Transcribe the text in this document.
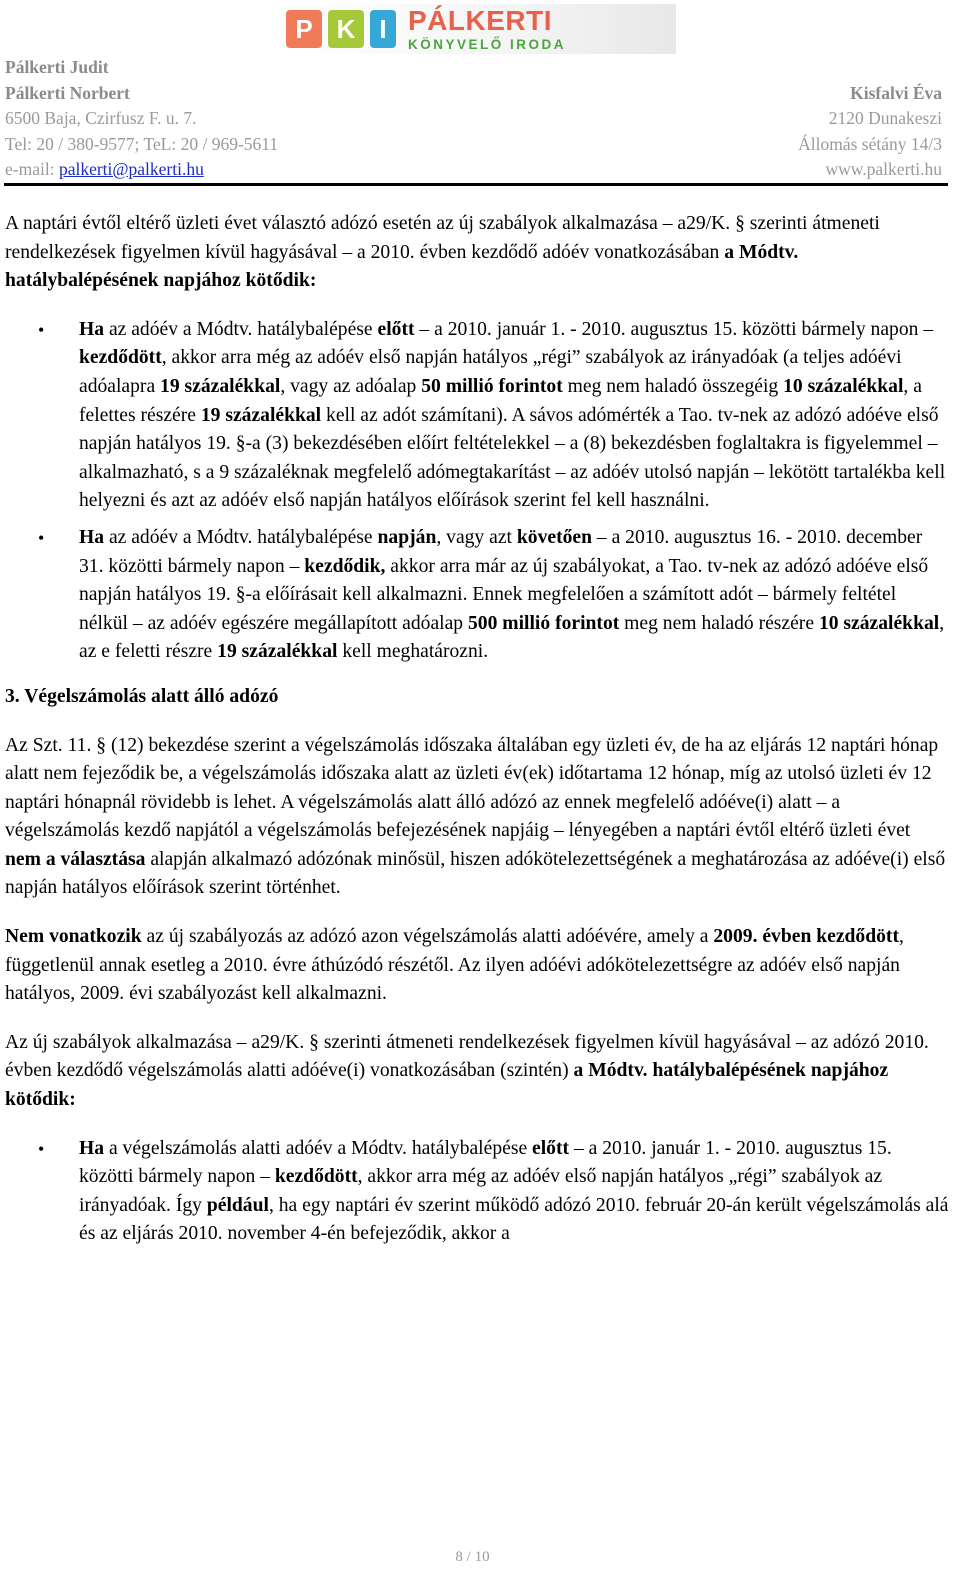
P K I PÁLKERTI
KÖNYVELŐ IRODA
Pálkerti Judit
Pálkerti Norbert
6500 Baja, Czirfusz F. u. 7.
Tel: 20 / 380-9577; TeL: 20 / 969-5611
e-mail: palkerti@palkerti.hu

Kisfalvi Éva
2120 Dunakeszi
Állomás sétány 14/3
www.palkerti.hu

A naptári évtől eltérő üzleti évet választó adózó esetén az új szabályok alkalmazása – a29/K. § szerinti átmeneti rendelkezések figyelmen kívül hagyásával – a 2010. évben kezdődő adóév vonatkozásában a Módtv. hatálybalépésének napjához kötődik:

• Ha az adóév a Módtv. hatálybalépése előtt – a 2010. január 1. - 2010. augusztus 15. közötti bármely napon – kezdődött, akkor arra még az adóév első napján hatályos „régi” szabályok az irányadóak (a teljes adóévi adóalapra 19 százalékkal, vagy az adóalap 50 millió forintot meg nem haladó összegéig 10 százalékkal, a felettes részére 19 százalékkal kell az adót számítani). A sávos adómérték a Tao. tv-nek az adózó adóéve első napján hatályos 19. §-a (3) bekezdésében előírt feltételekkel – a (8) bekezdésben foglaltakra is figyelemmel – alkalmazható, s a 9 százaléknak megfelelő adómegtakarítást – az adóév utolsó napján – lekötött tartalékba kell helyezni és azt az adóév első napján hatályos előírások szerint fel kell használni.
• Ha az adóév a Módtv. hatálybalépése napján, vagy azt követően – a 2010. augusztus 16. - 2010. december 31. közötti bármely napon – kezdődik, akkor arra már az új szabályokat, a Tao. tv-nek az adózó adóéve első napján hatályos 19. §-a előírásait kell alkalmazni. Ennek megfelelően a számított adót – bármely feltétel nélkül – az adóév egészére megállapított adóalap 500 millió forintot meg nem haladó részére 10 százalékkal, az e feletti részre 19 százalékkal kell meghatározni.
3. Végelszámolás alatt álló adózó

Az Szt. 11. § (12) bekezdése szerint a végelszámolás időszaka általában egy üzleti év, de ha az eljárás 12 naptári hónap alatt nem fejeződik be, a végelszámolás időszaka alatt az üzleti év(ek) időtartama 12 hónap, míg az utolsó üzleti év 12 naptári hónapnál rövidebb is lehet. A végelszámolás alatt álló adózó az ennek megfelelő adóéve(i) alatt – a végelszámolás kezdő napjától a végelszámolás befejezésének napjáig – lényegében a naptári évtől eltérő üzleti évet nem a választása alapján alkalmazó adózónak minősül, hiszen adókötelezettségének a meghatározása az adóéve(i) első napján hatályos előírások szerint történhet.

Nem vonatkozik az új szabályozás az adózó azon végelszámolás alatti adóévére, amely a 2009. évben kezdődött, függetlenül annak esetleg a 2010. évre áthúzódó részétől. Az ilyen adóévi adókötelezettségre az adóév első napján hatályos, 2009. évi szabályozást kell alkalmazni.

Az új szabályok alkalmazása – a29/K. § szerinti átmeneti rendelkezések figyelmen kívül hagyásával – az adózó 2010. évben kezdődő végelszámolás alatti adóéve(i) vonatkozásában (szintén) a Módtv. hatálybalépésének napjához kötődik:

• Ha a végelszámolás alatti adóév a Módtv. hatálybalépése előtt – a 2010. január 1. - 2010. augusztus 15. közötti bármely napon – kezdődött, akkor arra még az adóév első napján hatályos „régi” szabályok az irányadóak. Így például, ha egy naptári év szerint működő adózó 2010. február 20-án került végelszámolás alá és az eljárás 2010. november 4-én befejeződik, akkor a
8 / 10
